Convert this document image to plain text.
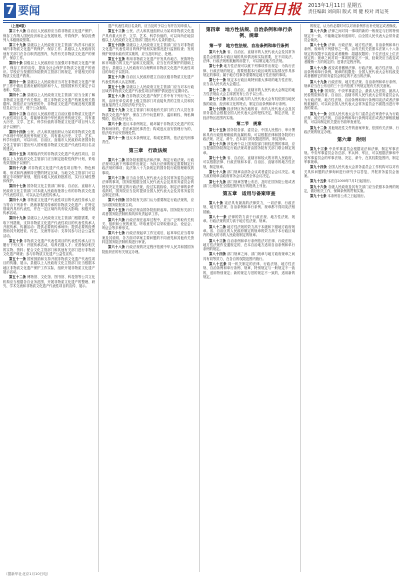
7 要闻	江西日报 2013年1月11日 星期五
责任编辑 刘向阳 版式 周 健 校对 周运英

（上接6版）

第三十八条 自治区人民政府应当将非物质文化遗产保护、保存工作纳入国民经济和社会发展规划，并将保护、保存经费列入本级财政预算。

第三十九条 县级以上人民政府文化主管部门负责本行政区域内非物质文化遗产的保护、保存工作；县级以上人民政府其他有关部门在各自职责范围内，负责有关非物质文化遗产的保护、保存工作。

第四十条 县级以上人民政府应当加强对非物质文化遗产保护、保存工作的宣传，提高全社会保护非物质文化遗产的意识。学校应当按照国务院教育主管部门的规定，开展相关的非物质文化遗产教育。

第四十一条 县级以上人民政府应当对在非物质文化遗产保护工作中做出显著贡献的组织和个人，按照国家有关规定予以表彰、奖励。

第四十二条 县级以上人民政府文化主管部门应当全面了解非物质文化遗产有关情况，建立非物质文化遗产档案及相关数据库。除依法应当保密的外，非物质文化遗产档案及相关数据信息应当公开，便于公众查阅。

第四十三条 自治区人民政府建立自治区级非物质文化遗产代表性项目名录，将能够体现中华民族优秀传统文化，具有重大历史、文学、艺术、科学价值的非物质文化遗产项目列入名录予以保护。

第四十四条 公民、法人和其他组织认为某项非物质文化遗产体现中华民族优秀传统文化，具有重大历史、文学、艺术、科学价值的，可以向省、自治区、直辖市人民政府或者国务院文化主管部门提出列入国家级非物质文化遗产代表性项目名录的建议。

第四十五条 对濒临消失的非物质文化遗产代表性项目，县级以上人民政府文化主管部门应当制定抢救性保护计划，采取有效措施予以保护。

第四十六条 对非物质文化遗产代表性项目集中、特色鲜明、形式和内涵保持完整的特定区域，当地文化主管部门可以制定专项保护规划，报经本级人民政府批准后，实行区域性整体保护。

第四十七条 国务院文化主管部门和省、自治区、直辖市人民政府文化主管部门对本级人民政府批准公布的非物质文化遗产代表性项目，可以认定代表性传承人。

第四十八条 非物质文化遗产代表性项目的代表性传承人应当符合下列条件：熟练掌握其传承的非物质文化遗产；在特定领域内具有代表性，并在一定区域内具有较大影响；积极开展传承活动。

第四十九条 县级以上人民政府文化主管部门根据需要，采取下列措施，支持非物质文化遗产代表性项目的代表性传承人开展传承、传播活动：提供必要的传承场所；提供必要的经费资助其开展授徒、传艺、交流等活动；支持其参与社会公益性活动。

第五十条 非物质文化遗产代表性项目的代表性传承人应当履行下列义务：开展传承活动，培养后继人才；妥善保存相关的实物、资料；配合文化主管部门和其他有关部门进行非物质文化遗产调查；参与非物质文化遗产公益性宣传。

第五十一条 国家鼓励和支持开展非物质文化遗产代表性项目的传播、展示。县级以上人民政府文化主管部门应当根据本地区非物质文化遗产保护工作实际，组织开展非物质文化遗产展示活动。

第五十二条 博物馆、文化馆、图书馆、科技馆等公共文化机构应当根据各自业务范围，开展非物质文化遗产的整理、研究、学术交流和非物质文化遗产代表性项目的宣传、展示。

遗产代表性项目名录的，应当及时予以公布并告知申请人。

第五十三条 公民、法人和其他组织认为某项非物质文化遗产具有重大历史、文学、艺术、科学价值的，可以向所在地县级以上人民政府文化主管部门提出列入名录的建议。

第五十四条 县级以上人民政府文化主管部门应当对非物质文化遗产代表性项目的保护规划实施情况进行监督检查；发现保护规划未能有效实施的，应当及时纠正、处理。

第五十五条 利用非物质文化遗产开发具有地方、民族特色和市场潜力的文化产品和文化服务，应当在有效保护的基础上进行。县级以上人民政府对合理利用非物质文化遗产代表性项目的单位予以扶持。

第五十六条 自治区人民政府建立自治区级非物质文化遗产代表性传承人认定制度。

第五十七条 县级以上人民政府文化主管部门应当对本行政区域内非物质文化遗产代表性项目的保护情况进行定期评估。

第五十八条 在非物质文化遗产保护工作中有下列行为之一的，由所在单位或者上级主管部门对直接负责的主管人员和其他直接责任人员依法给予处分。

第五十九条 文化主管部门和其他有关部门的工作人员在非物质文化遗产保护、保存工作中玩忽职守、滥用职权、徇私舞弊的，依法给予处分。

第六十条 违反本条例规定，破坏属于非物质文化遗产的实物和场所的，依法承担民事责任；构成违反治安管理行为的，依法给予治安管理处罚。

第六十一条 违反本条例规定，构成犯罪的，依法追究刑事责任。

第三章　行政法规

第六十二条 国务院根据宪法和法律，制定行政法规。行政法规可以就下列事项作出规定：为执行法律的规定需要制定行政法规的事项；宪法第八十九条规定的国务院行政管理职权的事项。

第六十三条 应当由全国人民代表大会及其常务委员会制定法律的事项，国务院根据全国人民代表大会及其常务委员会的授权决定先制定的行政法规，经过实践检验，制定法律的条件成熟时，国务院应当及时提请全国人民代表大会及其常务委员会制定法律。

第六十四条 国务院有关部门认为需要制定行政法规的，应当向国务院报请立项。

第六十五条 行政法规由国务院组织起草。国务院有关部门或者国务院法制机构具体负责起草工作。

第六十六条 行政法规在起草过程中，应当广泛听取有关机关、组织和公民的意见。听取意见可以采取座谈会、论证会、听证会等多种形式。

第六十七条 行政法规起草工作完成后，起草单位应当将草案及其说明、各方面对草案主要问题的不同意见和其他有关资料送国务院法制机构进行审查。

第六十八条 行政法规的决定程序依照中华人民共和国国务院组织法的有关规定办理。

第四章　地方性法规、自治条例和单行条例、规章
第一节　地方性法规、自治条例和单行条例

第六十九条 省、自治区、直辖市的人民代表大会及其常务委员会根据本行政区域的具体情况和实际需要，在不同宪法、法律、行政法规相抵触的前提下，可以制定地方性法规。

第七十条 地方性法规可以就下列事项作出规定：为执行法律、行政法规的规定，需要根据本行政区域的实际情况作具体规定的事项；属于地方性事务需要制定地方性法规的事项。

第七十一条 规定本行政区域特别重大事项的地方性法规，应当由人民代表大会通过。

第七十二条 省、自治区、直辖市的人民代表大会制定的地方性法规由大会主席团发布公告予以公布。

第七十三条 民族自治地方的人民代表大会有权依照当地民族的政治、经济和文化的特点，制定自治条例和单行条例。

第七十四条 经济特区所在地的省、市的人民代表大会及其常务委员会根据全国人民代表大会的授权决定，制定法规，在经济特区范围内实施。

第二节　规章

第七十五条 国务院各部、委员会、中国人民银行、审计署和具有行政管理职能的直属机构，可以根据法律和国务院的行政法规、决定、命令，在本部门的权限范围内，制定规章。

第七十六条 涉及两个以上国务院部门职权范围的事项，应当提请国务院制定行政法规或者由国务院有关部门联合制定规章。

第七十七条 省、自治区、直辖市和较大的市的人民政府，可以根据法律、行政法规和本省、自治区、直辖市的地方性法规，制定规章。

第七十八条 部门规章由部务会议或者委员会会议决定。地方政府规章由政府常务会议或者全体会议决定。

第七十九条 部门规章签署公布后，及时在国务院公报或者部门公报和在全国范围内发行的报纸上刊登。

第五章　适用与备案审查

第八十条 宪法具有最高的法律效力，一切法律、行政法规、地方性法规、自治条例和单行条例、规章都不得同宪法相抵触。

第八十一条 法律的效力高于行政法规、地方性法规、规章。行政法规的效力高于地方性法规、规章。

第八十二条 地方性法规的效力高于本级和下级地方政府规章。省、自治区的人民政府制定的规章的效力高于本行政区域内的较大的市的人民政府制定的规章。

第八十三条 自治条例和单行条例依法对法律、行政法规、地方性法规作变通规定的，在本自治地方适用自治条例和单行条例的规定。

第八十四条 部门规章之间、部门规章与地方政府规章之间具有同等效力，在各自的权限范围内施行。

第八十五条 同一机关制定的法律、行政法规、地方性法规、自治条例和单行条例、规章，特别规定与一般规定不一致的，适用特别规定；新的规定与旧的规定不一致的，适用新的规定。

的规定，认为有必要时可以对该条例作出补充规定或者修改。

第八十六条 法律之间对同一事项的新的一般规定与旧的特别规定不一致，不能确定如何适用时，由全国人民代表大会常务委员会裁决。

第八十七条 法律、行政法规、地方性法规、自治条例和单行条例、规章有下列情形之一的，由有关机关依照本法第八十八条规定的权限予以改变或者撤销：超越权限的；下位法违反上位法规定的；规章之间对同一事项的规定不一致，经裁决应当改变或者撤销一方的规定的；违背法定程序的。

第八十八条 改变或者撤销法律、行政法规、地方性法规、自治条例和单行条例、规章的权限是：全国人民代表大会有权改变或者撤销它的常务委员会制定的不适当的法律。

第八十九条 行政法规、地方性法规、自治条例和单行条例、规章应当在公布后的三十日内依照下列规定报有关机关备案。

第九十条 国务院、中央军事委员会、最高人民法院、最高人民检察院和各省、自治区、直辖市的人民代表大会常务委员会认为行政法规、地方性法规、自治条例和单行条例同宪法或者法律相抵触的，可以向全国人民代表大会常务委员会书面提出进行审查的要求。

第九十一条 全国人民代表大会专门委员会在审查中认为行政法规、地方性法规、自治条例和单行条例同宪法或者法律相抵触的，可以向制定机关提出书面审查意见。

第九十二条 其他规范性文件的备案审查，依照有关法律、行政法规的规定办理。

第六章　附则

第九十三条 中央军事委员会根据宪法和法律，制定军事法规。中央军事委员会各总部、军兵种、军区，可以根据法律和中央军事委员会的军事法规、决定、命令，在其权限范围内，制定军事规章。

第九十四条 全国人民代表大会常务委员会工作机构可以对有关具体问题的法律询问进行研究予以答复，并报常务委员会备案。

第九十五条 本法自2000年7月1日起施行。

第九十六条 各级人民政府及其有关部门应当依照本条例的规定，做好相关工作，保障条例的贯彻实施。

第九十七条 本条例自公布之日起施行。

（据新华社北京1月10日电）
